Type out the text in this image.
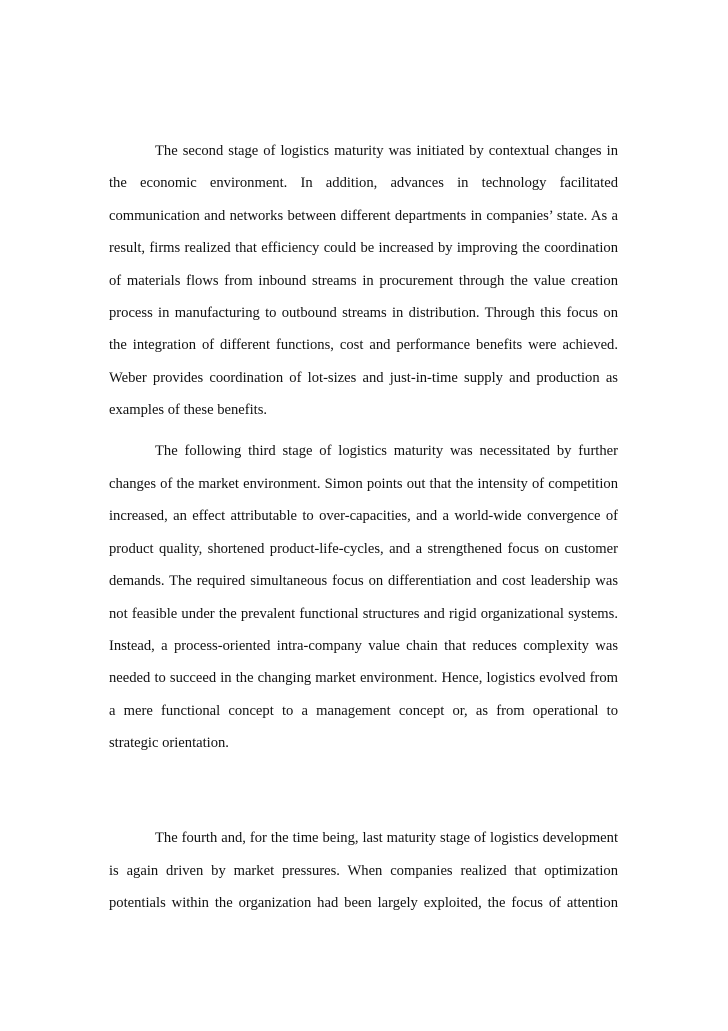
The second stage of logistics maturity was initiated by contextual changes in
the economic environment. In addition, advances in technology facilitated
communication and networks between different departments in companies’ state. As a
result, firms realized that efficiency could be increased by improving the coordination
of materials flows from inbound streams in procurement through the value creation
process in manufacturing to outbound streams in distribution. Through this focus on
the integration of different functions, cost and performance benefits were achieved.
Weber provides coordination of lot-sizes and just-in-time supply and production as
examples of these benefits.
The following third stage of logistics maturity was necessitated by further
changes of the market environment. Simon points out that the intensity of competition
increased, an effect attributable to over-capacities, and a world-wide convergence of
product quality, shortened product-life-cycles, and a strengthened focus on customer
demands. The required simultaneous focus on differentiation and cost leadership was
not feasible under the prevalent functional structures and rigid organizational systems.
Instead, a process-oriented intra-company value chain that reduces complexity was
needed to succeed in the changing market environment. Hence, logistics evolved from
a mere functional concept to a management concept or, as from operational to
strategic orientation.
The fourth and, for the time being, last maturity stage of logistics development
is again driven by market pressures. When companies realized that optimization
potentials within the organization had been largely exploited, the focus of attention
